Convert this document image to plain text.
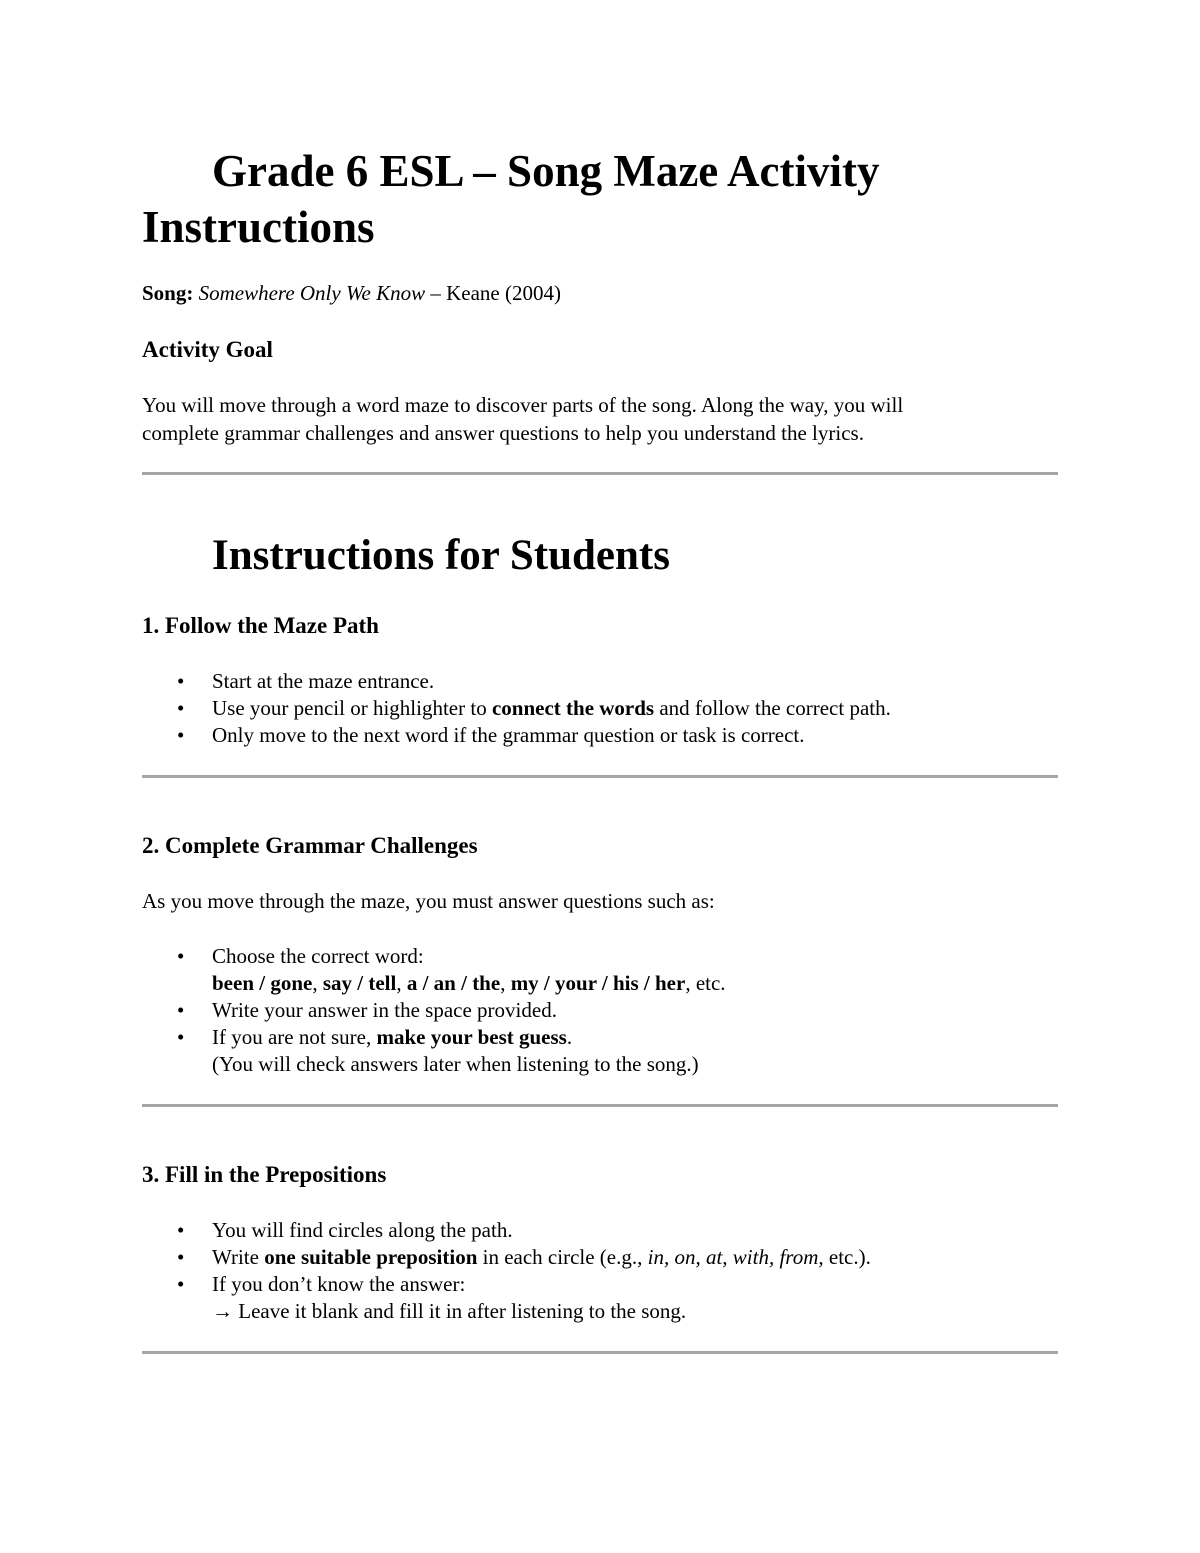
Grade 6 ESL – Song Maze Activity Instructions

Song: Somewhere Only We Know – Keane (2004)

Activity Goal

You will move through a word maze to discover parts of the song. Along the way, you will

complete grammar challenges and answer questions to help you understand the lyrics.

Instructions for Students
1. Follow the Maze Path
• Start at the maze entrance.
• Use your pencil or highlighter to connect the words and follow the correct path.
• Only move to the next word if the grammar question or task is correct.
2. Complete Grammar Challenges

As you move through the maze, you must answer questions such as:

• Choose the correct word:
been / gone, say / tell, a / an / the, my / your / his / her, etc.
• Write your answer in the space provided.
• If you are not sure, make your best guess.
(You will check answers later when listening to the song.)
3. Fill in the Prepositions
• You will find circles along the path.
• Write one suitable preposition in each circle (e.g., in, on, at, with, from, etc.).
• If you don’t know the answer:
→ Leave it blank and fill it in after listening to the song.
